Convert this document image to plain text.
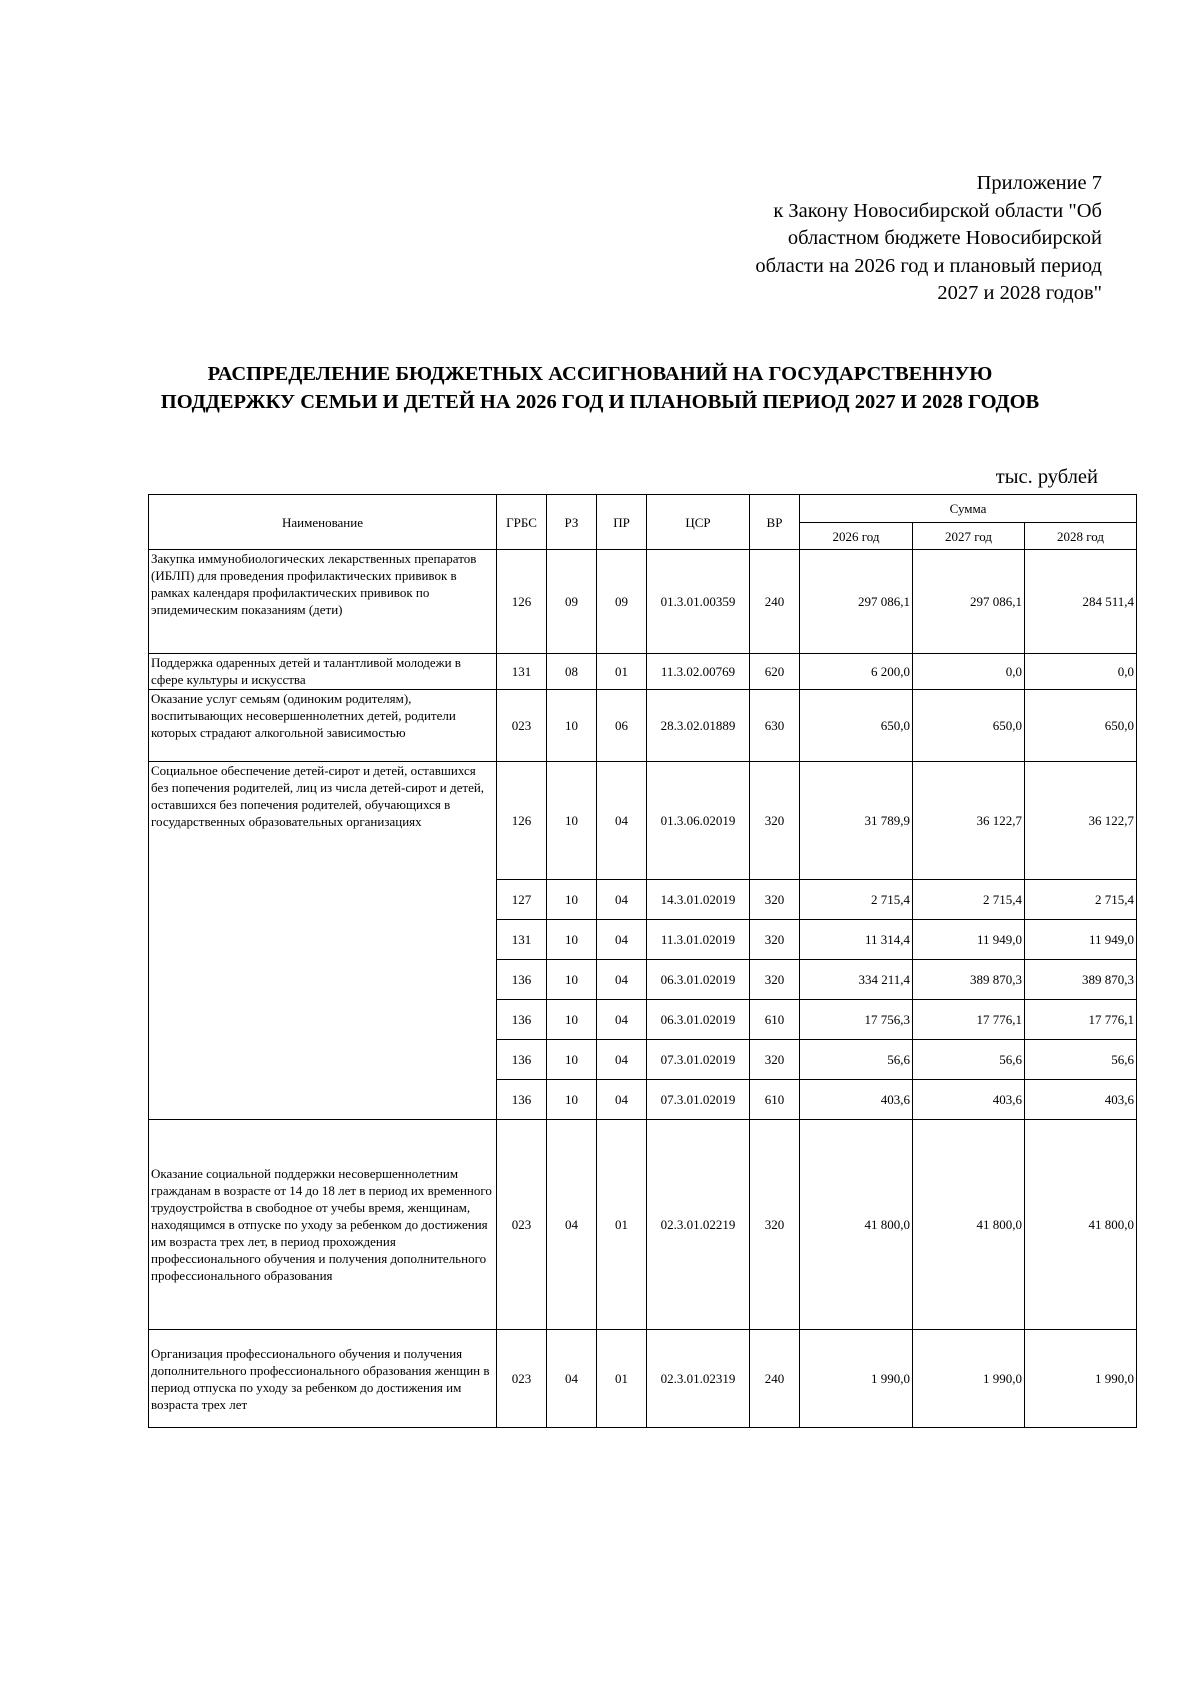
Приложение 7
к Закону Новосибирской области "Об
областном бюджете Новосибирской
области на 2026 год и плановый период
2027 и 2028 годов"
РАСПРЕДЕЛЕНИЕ БЮДЖЕТНЫХ АССИГНОВАНИЙ НА ГОСУДАРСТВЕННУЮ
ПОДДЕРЖКУ СЕМЬИ И ДЕТЕЙ НА 2026 ГОД И ПЛАНОВЫЙ ПЕРИОД 2027 И 2028 ГОДОВ
тыс. рублей
Наименование	ГРБС	РЗ	ПР	ЦСР	ВР	Сумма		
						2026 год	2027 год	2028 год
Закупка иммунобиологических лекарственных препаратов (ИБЛП) для проведения профилактических прививок в рамках календаря профилактических прививок по эпидемическим показаниям (дети)	126	09	09	01.3.01.00359	240	297 086,1	297 086,1	284 511,4
Поддержка одаренных детей и талантливой молодежи в сфере культуры и искусства	131	08	01	11.3.02.00769	620	6 200,0	0,0	0,0
Оказание услуг семьям (одиноким родителям), воспитывающих несовершеннолетних детей, родители которых страдают алкогольной зависимостью	023	10	06	28.3.02.01889	630	650,0	650,0	650,0
Социальное обеспечение детей-сирот и детей, оставшихся без попечения родителей, лиц из числа детей-сирот и детей, оставшихся без попечения родителей, обучающихся в государственных образовательных организациях	126	10	04	01.3.06.02019	320	31 789,9	36 122,7	36 122,7
	127	10	04	14.3.01.02019	320	2 715,4	2 715,4	2 715,4
	131	10	04	11.3.01.02019	320	11 314,4	11 949,0	11 949,0
	136	10	04	06.3.01.02019	320	334 211,4	389 870,3	389 870,3
	136	10	04	06.3.01.02019	610	17 756,3	17 776,1	17 776,1
	136	10	04	07.3.01.02019	320	56,6	56,6	56,6
	136	10	04	07.3.01.02019	610	403,6	403,6	403,6
Оказание социальной поддержки несовершеннолетним гражданам в возрасте от 14 до 18 лет в период их временного трудоустройства в свободное от учебы время, женщинам, находящимся в отпуске по уходу за ребенком до достижения им возраста трех лет, в период прохождения профессионального обучения и получения дополнительного профессионального образования	023	04	01	02.3.01.02219	320	41 800,0	41 800,0	41 800,0
Организация профессионального обучения и получения дополнительного профессионального образования женщин в период отпуска по уходу за ребенком до достижения им возраста трех лет	023	04	01	02.3.01.02319	240	1 990,0	1 990,0	1 990,0
